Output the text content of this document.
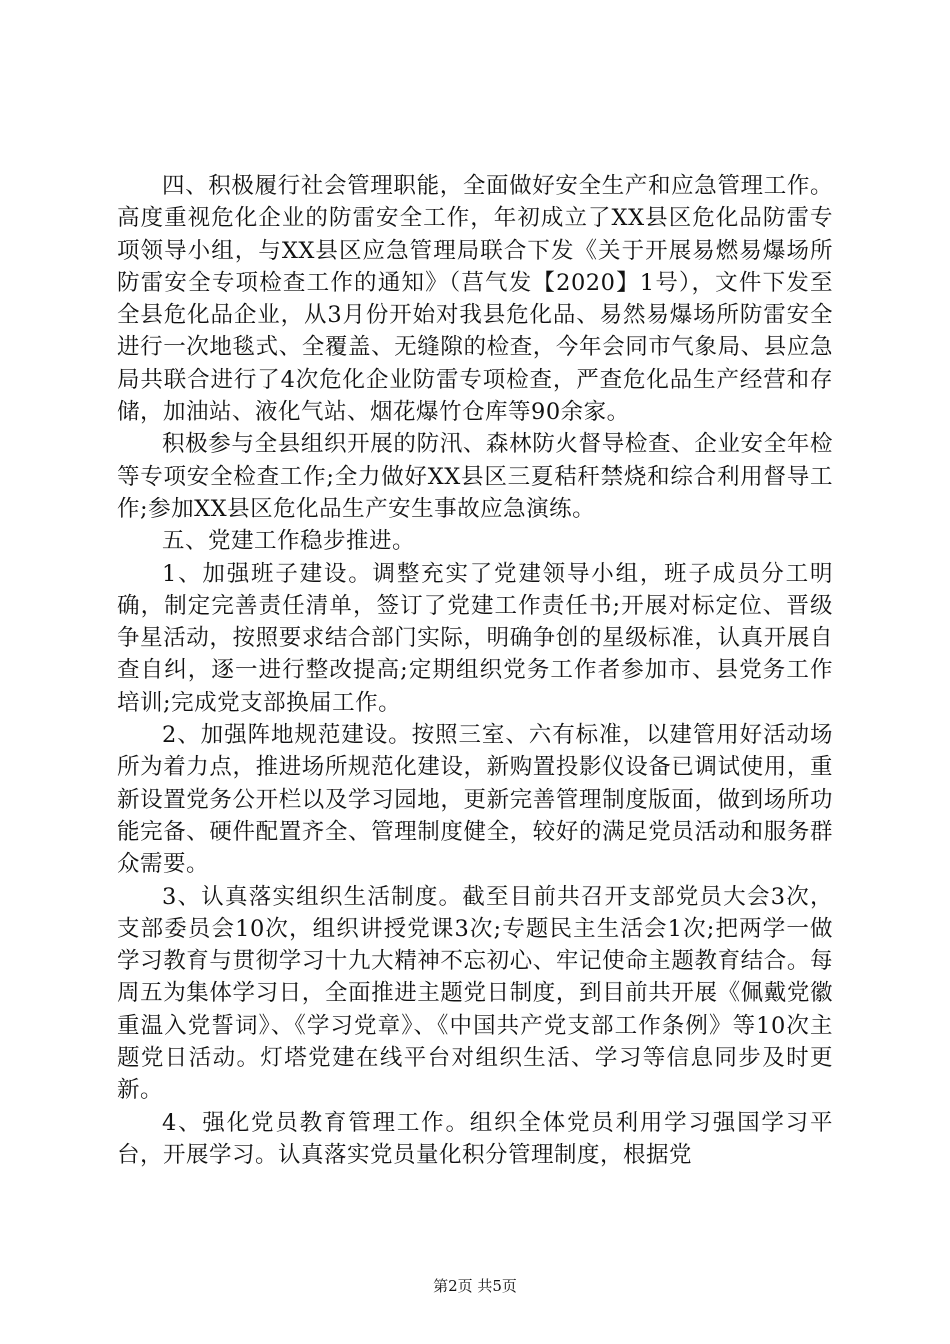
四、积极履行社会管理职能，全面做好安全生产和应急管理工作。高度重视危化企业的防雷安全工作，年初成立了XX县区危化品防雷专项领导小组，与XX县区应急管理局联合下发《关于开展易燃易爆场所防雷安全专项检查工作的通知》（莒气发【2020】1号），文件下发至全县危化品企业，从3月份开始对我县危化品、易然易爆场所防雷安全进行一次地毯式、全覆盖、无缝隙的检查，今年会同市气象局、县应急局共联合进行了4次危化企业防雷专项检查，严查危化品生产经营和存储，加油站、液化气站、烟花爆竹仓库等90余家。

积极参与全县组织开展的防汛、森林防火督导检查、企业安全年检等专项安全检查工作;全力做好XX县区三夏秸秆禁烧和综合利用督导工作;参加XX县区危化品生产安生事故应急演练。

五、党建工作稳步推进。

1、加强班子建设。调整充实了党建领导小组，班子成员分工明确，制定完善责任清单，签订了党建工作责任书;开展对标定位、晋级争星活动，按照要求结合部门实际，明确争创的星级标准，认真开展自查自纠，逐一进行整改提高;定期组织党务工作者参加市、县党务工作培训;完成党支部换届工作。

2、加强阵地规范建设。按照三室、六有标准，以建管用好活动场所为着力点，推进场所规范化建设，新购置投影仪设备已调试使用，重新设置党务公开栏以及学习园地，更新完善管理制度版面，做到场所功能完备、硬件配置齐全、管理制度健全，较好的满足党员活动和服务群众需要。

3、认真落实组织生活制度。截至目前共召开支部党员大会3次，支部委员会10次，组织讲授党课3次;专题民主生活会1次;把两学一做学习教育与贯彻学习十九大精神不忘初心、牢记使命主题教育结合。每周五为集体学习日，全面推进主题党日制度，到目前共开展《佩戴党徽重温入党誓词》、《学习党章》、《中国共产党支部工作条例》等10次主题党日活动。灯塔党建在线平台对组织生活、学习等信息同步及时更新。

4、强化党员教育管理工作。组织全体党员利用学习强国学习平台，开展学习。认真落实党员量化积分管理制度，根据党

第2页 共5页
